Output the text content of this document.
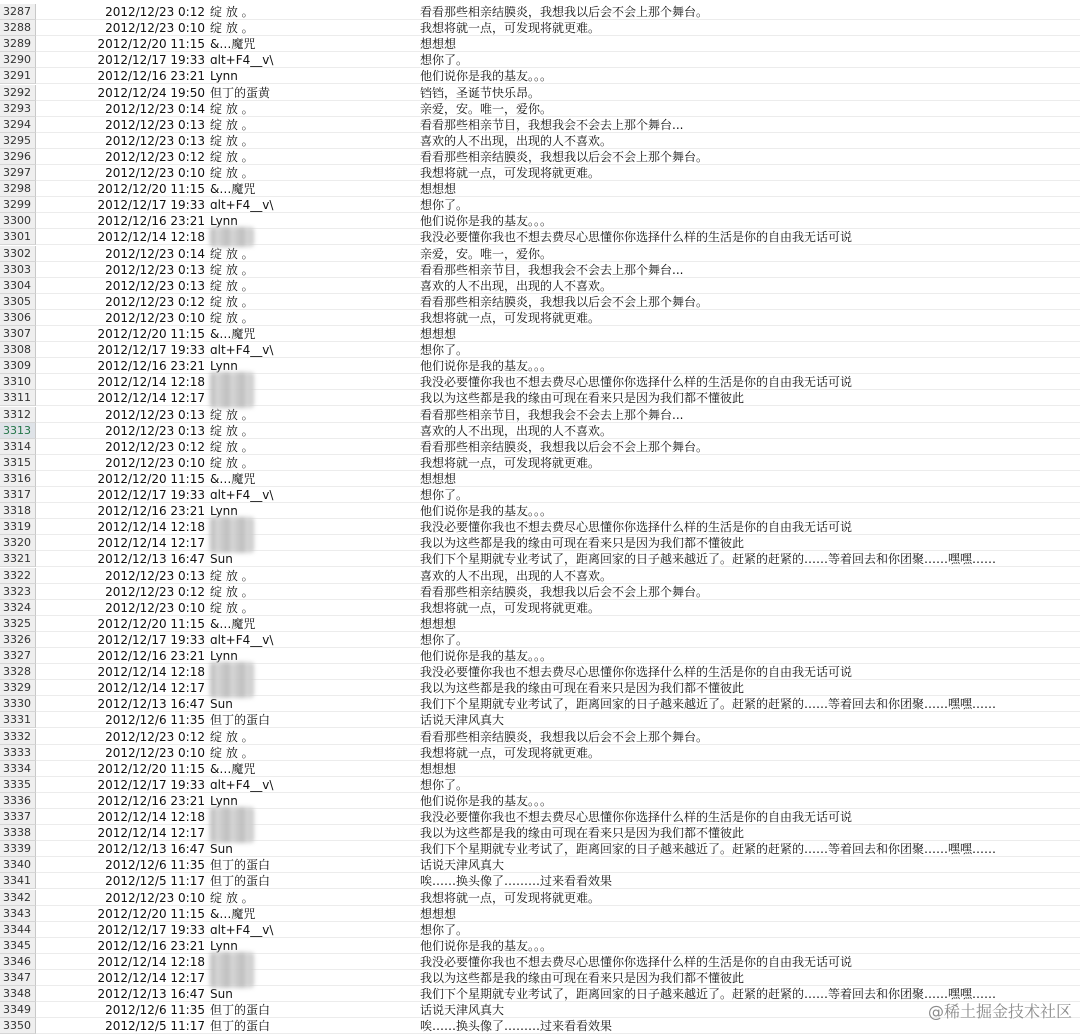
3287	2012/12/23 0:12 绽 放 。	看看那些相亲结膜炎，我想我以后会不会上那个舞台。
3288	2012/12/23 0:10 绽 放 。	我想将就一点，可发现将就更难。
3289	2012/12/20 11:15 &…魔咒	想想想
3290	2012/12/17 19:33 ɑlt+F4__v\	想你了。
3291	2012/12/16 23:21 Lynn	他们说你是我的基友。。。
3292	2012/12/24 19:50 但丁的蛋黄	铛铛，圣诞节快乐昂。
3293	2012/12/23 0:14 绽 放 。	亲爱，安。唯一，爱你。
3294	2012/12/23 0:13 绽 放 。	看看那些相亲节目，我想我会不会去上那个舞台...
3295	2012/12/23 0:13 绽 放 。	喜欢的人不出现，出现的人不喜欢。
3296	2012/12/23 0:12 绽 放 。	看看那些相亲结膜炎，我想我以后会不会上那个舞台。
3297	2012/12/23 0:10 绽 放 。	我想将就一点，可发现将就更难。
3298	2012/12/20 11:15 &…魔咒	想想想
3299	2012/12/17 19:33 ɑlt+F4__v\	想你了。
3300	2012/12/16 23:21 Lynn	他们说你是我的基友。。。
3301	2012/12/14 12:18	我没必要懂你我也不想去费尽心思懂你你选择什么样的生活是你的自由我无话可说
3302	2012/12/23 0:14 绽 放 。	亲爱，安。唯一，爱你。
3303	2012/12/23 0:13 绽 放 。	看看那些相亲节目，我想我会不会去上那个舞台...
3304	2012/12/23 0:13 绽 放 。	喜欢的人不出现，出现的人不喜欢。
3305	2012/12/23 0:12 绽 放 。	看看那些相亲结膜炎，我想我以后会不会上那个舞台。
3306	2012/12/23 0:10 绽 放 。	我想将就一点，可发现将就更难。
3307	2012/12/20 11:15 &…魔咒	想想想
3308	2012/12/17 19:33 ɑlt+F4__v\	想你了。
3309	2012/12/16 23:21 Lynn	他们说你是我的基友。。。
3310	2012/12/14 12:18	我没必要懂你我也不想去费尽心思懂你你选择什么样的生活是你的自由我无话可说
3311	2012/12/14 12:17	我以为这些都是我的缘由可现在看来只是因为我们都不懂彼此
3312	2012/12/23 0:13 绽 放 。	看看那些相亲节目，我想我会不会去上那个舞台...
3313	2012/12/23 0:13 绽 放 。	喜欢的人不出现，出现的人不喜欢。
3314	2012/12/23 0:12 绽 放 。	看看那些相亲结膜炎，我想我以后会不会上那个舞台。
3315	2012/12/23 0:10 绽 放 。	我想将就一点，可发现将就更难。
3316	2012/12/20 11:15 &…魔咒	想想想
3317	2012/12/17 19:33 ɑlt+F4__v\	想你了。
3318	2012/12/16 23:21 Lynn	他们说你是我的基友。。。
3319	2012/12/14 12:18	我没必要懂你我也不想去费尽心思懂你你选择什么样的生活是你的自由我无话可说
3320	2012/12/14 12:17	我以为这些都是我的缘由可现在看来只是因为我们都不懂彼此
3321	2012/12/13 16:47 Sun	我们下个星期就专业考试了，距离回家的日子越来越近了。赶紧的赶紧的……等着回去和你团聚……嘿嘿……
3322	2012/12/23 0:13 绽 放 。	喜欢的人不出现，出现的人不喜欢。
3323	2012/12/23 0:12 绽 放 。	看看那些相亲结膜炎，我想我以后会不会上那个舞台。
3324	2012/12/23 0:10 绽 放 。	我想将就一点，可发现将就更难。
3325	2012/12/20 11:15 &…魔咒	想想想
3326	2012/12/17 19:33 ɑlt+F4__v\	想你了。
3327	2012/12/16 23:21 Lynn	他们说你是我的基友。。。
3328	2012/12/14 12:18	我没必要懂你我也不想去费尽心思懂你你选择什么样的生活是你的自由我无话可说
3329	2012/12/14 12:17	我以为这些都是我的缘由可现在看来只是因为我们都不懂彼此
3330	2012/12/13 16:47 Sun	我们下个星期就专业考试了，距离回家的日子越来越近了。赶紧的赶紧的……等着回去和你团聚……嘿嘿……
3331	2012/12/6 11:35 但丁的蛋白	话说天津风真大
3332	2012/12/23 0:12 绽 放 。	看看那些相亲结膜炎，我想我以后会不会上那个舞台。
3333	2012/12/23 0:10 绽 放 。	我想将就一点，可发现将就更难。
3334	2012/12/20 11:15 &…魔咒	想想想
3335	2012/12/17 19:33 ɑlt+F4__v\	想你了。
3336	2012/12/16 23:21 Lynn	他们说你是我的基友。。。
3337	2012/12/14 12:18	我没必要懂你我也不想去费尽心思懂你你选择什么样的生活是你的自由我无话可说
3338	2012/12/14 12:17	我以为这些都是我的缘由可现在看来只是因为我们都不懂彼此
3339	2012/12/13 16:47 Sun	我们下个星期就专业考试了，距离回家的日子越来越近了。赶紧的赶紧的……等着回去和你团聚……嘿嘿……
3340	2012/12/6 11:35 但丁的蛋白	话说天津风真大
3341	2012/12/5 11:17 但丁的蛋白	唉……换头像了………过来看看效果
3342	2012/12/23 0:10 绽 放 。	我想将就一点，可发现将就更难。
3343	2012/12/20 11:15 &…魔咒	想想想
3344	2012/12/17 19:33 ɑlt+F4__v\	想你了。
3345	2012/12/16 23:21 Lynn	他们说你是我的基友。。。
3346	2012/12/14 12:18	我没必要懂你我也不想去费尽心思懂你你选择什么样的生活是你的自由我无话可说
3347	2012/12/14 12:17	我以为这些都是我的缘由可现在看来只是因为我们都不懂彼此
3348	2012/12/13 16:47 Sun	我们下个星期就专业考试了，距离回家的日子越来越近了。赶紧的赶紧的……等着回去和你团聚……嘿嘿……
3349	2012/12/6 11:35 但丁的蛋白	话说天津风真大
3350	2012/12/5 11:17 但丁的蛋白	唉……换头像了………过来看看效果	@稀土掘金技术社区
